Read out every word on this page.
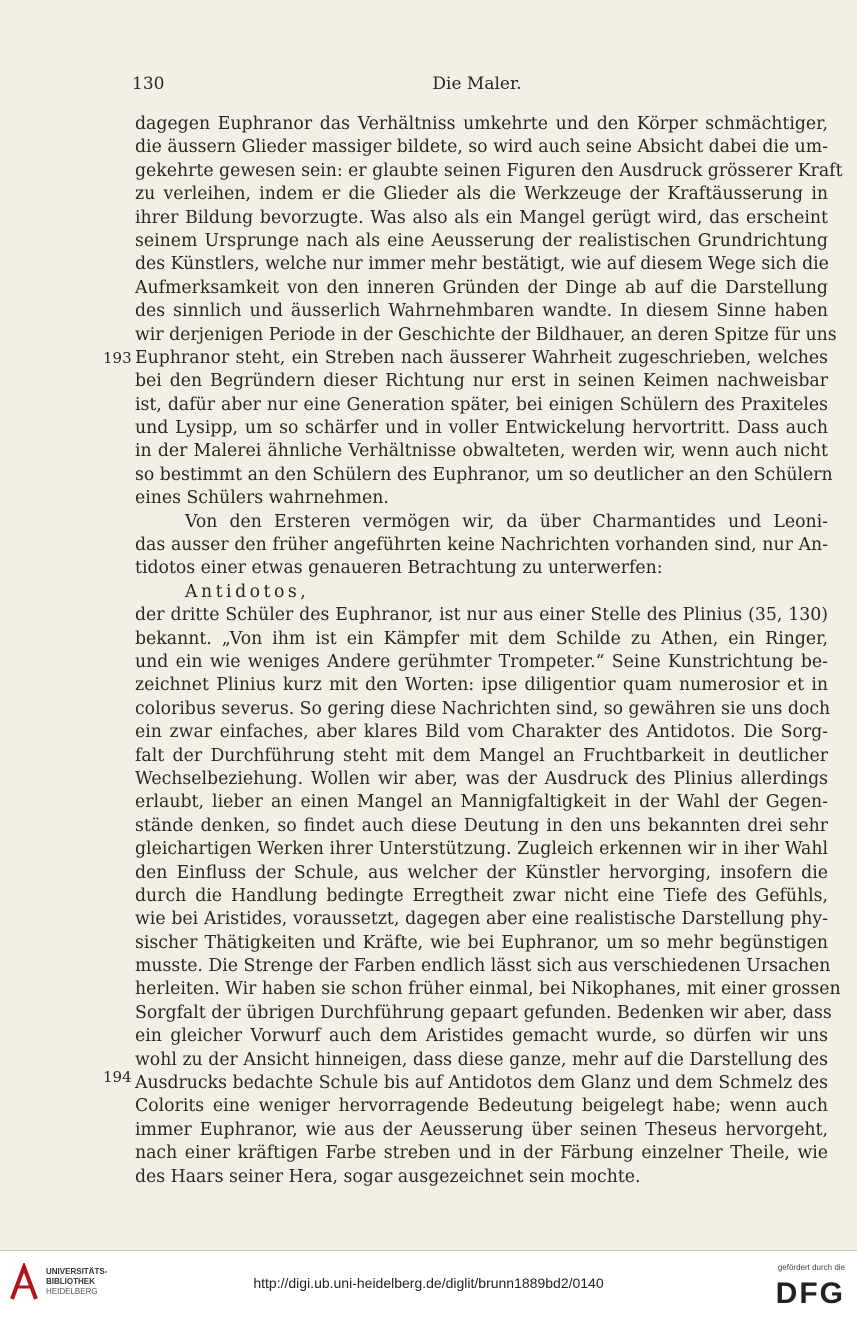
130	Die Maler.
193
194
dagegen Euphranor das Verhältniss umkehrte und den Körper schmächtiger,
die äussern Glieder massiger bildete, so wird auch seine Absicht dabei die um-
gekehrte gewesen sein: er glaubte seinen Figuren den Ausdruck grösserer Kraft
zu verleihen, indem er die Glieder als die Werkzeuge der Kraftäusserung in
ihrer Bildung bevorzugte. Was also als ein Mangel gerügt wird, das erscheint
seinem Ursprunge nach als eine Aeusserung der realistischen Grundrichtung
des Künstlers, welche nur immer mehr bestätigt, wie auf diesem Wege sich die
Aufmerksamkeit von den inneren Gründen der Dinge ab auf die Darstellung
des sinnlich und äusserlich Wahrnehmbaren wandte. In diesem Sinne haben
wir derjenigen Periode in der Geschichte der Bildhauer, an deren Spitze für uns
Euphranor steht, ein Streben nach äusserer Wahrheit zugeschrieben, welches
bei den Begründern dieser Richtung nur erst in seinen Keimen nachweisbar
ist, dafür aber nur eine Generation später, bei einigen Schülern des Praxiteles
und Lysipp, um so schärfer und in voller Entwickelung hervortritt. Dass auch
in der Malerei ähnliche Verhältnisse obwalteten, werden wir, wenn auch nicht
so bestimmt an den Schülern des Euphranor, um so deutlicher an den Schülern
eines Schülers wahrnehmen.
Von den Ersteren vermögen wir, da über Charmantides und Leoni-
das ausser den früher angeführten keine Nachrichten vorhanden sind, nur An-
tidotos einer etwas genaueren Betrachtung zu unterwerfen:
Antidotos,
der dritte Schüler des Euphranor, ist nur aus einer Stelle des Plinius (35, 130)
bekannt. „Von ihm ist ein Kämpfer mit dem Schilde zu Athen, ein Ringer,
und ein wie weniges Andere gerühmter Trompeter.“ Seine Kunstrichtung be-
zeichnet Plinius kurz mit den Worten: ipse diligentior quam numerosior et in
coloribus severus. So gering diese Nachrichten sind, so gewähren sie uns doch
ein zwar einfaches, aber klares Bild vom Charakter des Antidotos. Die Sorg-
falt der Durchführung steht mit dem Mangel an Fruchtbarkeit in deutlicher
Wechselbeziehung. Wollen wir aber, was der Ausdruck des Plinius allerdings
erlaubt, lieber an einen Mangel an Mannigfaltigkeit in der Wahl der Gegen-
stände denken, so findet auch diese Deutung in den uns bekannten drei sehr
gleichartigen Werken ihrer Unterstützung. Zugleich erkennen wir in iher Wahl
den Einfluss der Schule, aus welcher der Künstler hervorging, insofern die
durch die Handlung bedingte Erregtheit zwar nicht eine Tiefe des Gefühls,
wie bei Aristides, voraussetzt, dagegen aber eine realistische Darstellung phy-
sischer Thätigkeiten und Kräfte, wie bei Euphranor, um so mehr begünstigen
musste. Die Strenge der Farben endlich lässt sich aus verschiedenen Ursachen
herleiten. Wir haben sie schon früher einmal, bei Nikophanes, mit einer grossen
Sorgfalt der übrigen Durchführung gepaart gefunden. Bedenken wir aber, dass
ein gleicher Vorwurf auch dem Aristides gemacht wurde, so dürfen wir uns
wohl zu der Ansicht hinneigen, dass diese ganze, mehr auf die Darstellung des
Ausdrucks bedachte Schule bis auf Antidotos dem Glanz und dem Schmelz des
Colorits eine weniger hervorragende Bedeutung beigelegt habe; wenn auch
immer Euphranor, wie aus der Aeusserung über seinen Theseus hervorgeht,
nach einer kräftigen Farbe streben und in der Färbung einzelner Theile, wie
des Haars seiner Hera, sogar ausgezeichnet sein mochte.
UNIVERSITÄTS-
BIBLIOTHEK
HEIDELBERG
http://digi.ub.uni-heidelberg.de/diglit/brunn1889bd2/0140
gefördert durch die
DFG
